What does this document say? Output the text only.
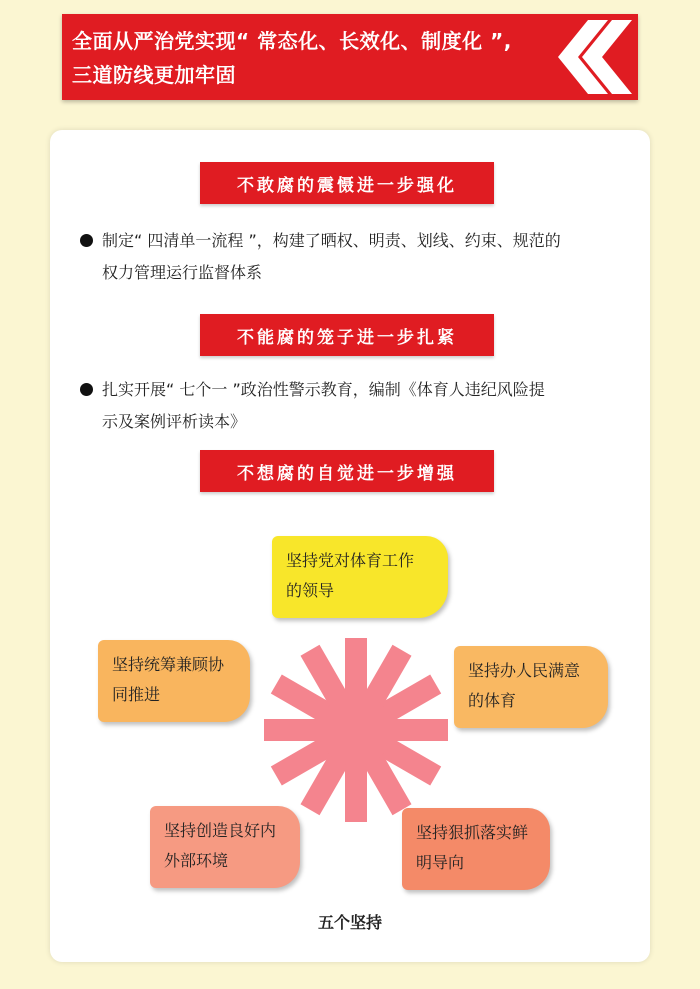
全面从严治党实现“ 常态化、长效化、制度化 ”,
三道防线更加牢固
不敢腐的震慑进一步强化
制定“ 四清单一流程 ”，构建了晒权、明责、划线、约束、规范的
权力管理运行监督体系
不能腐的笼子进一步扎紧
扎实开展“ 七个一 ”政治性警示教育，编制《体育人违纪风险提
示及案例评析读本》
不想腐的自觉进一步增强
坚持党对体育工作
的领导
坚持办人民满意
的体育
坚持狠抓落实鲜
明导向
坚持创造良好内
外部环境
坚持统筹兼顾协
同推进
五个坚持
